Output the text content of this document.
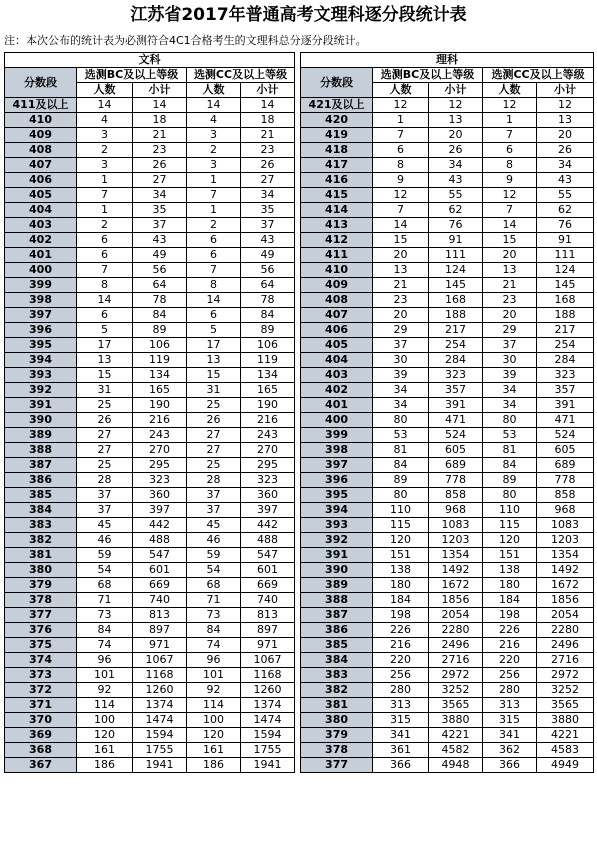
江苏省2017年普通高考文理科逐分段统计表
注：本次公布的统计表为必测符合4C1合格考生的文理科总分逐分段统计。
文科						理科				
分数段	选测BC及以上等级		选测CC及以上等级			分数段	选测BC及以上等级		选测CC及以上等级	
	人数	小计	人数	小计			人数	小计	人数	小计
411及以上	14	14	14	14		421及以上	12	12	12	12
410	4	18	4	18		420	1	13	1	13
409	3	21	3	21		419	7	20	7	20
408	2	23	2	23		418	6	26	6	26
407	3	26	3	26		417	8	34	8	34
406	1	27	1	27		416	9	43	9	43
405	7	34	7	34		415	12	55	12	55
404	1	35	1	35		414	7	62	7	62
403	2	37	2	37		413	14	76	14	76
402	6	43	6	43		412	15	91	15	91
401	6	49	6	49		411	20	111	20	111
400	7	56	7	56		410	13	124	13	124
399	8	64	8	64		409	21	145	21	145
398	14	78	14	78		408	23	168	23	168
397	6	84	6	84		407	20	188	20	188
396	5	89	5	89		406	29	217	29	217
395	17	106	17	106		405	37	254	37	254
394	13	119	13	119		404	30	284	30	284
393	15	134	15	134		403	39	323	39	323
392	31	165	31	165		402	34	357	34	357
391	25	190	25	190		401	34	391	34	391
390	26	216	26	216		400	80	471	80	471
389	27	243	27	243		399	53	524	53	524
388	27	270	27	270		398	81	605	81	605
387	25	295	25	295		397	84	689	84	689
386	28	323	28	323		396	89	778	89	778
385	37	360	37	360		395	80	858	80	858
384	37	397	37	397		394	110	968	110	968
383	45	442	45	442		393	115	1083	115	1083
382	46	488	46	488		392	120	1203	120	1203
381	59	547	59	547		391	151	1354	151	1354
380	54	601	54	601		390	138	1492	138	1492
379	68	669	68	669		389	180	1672	180	1672
378	71	740	71	740		388	184	1856	184	1856
377	73	813	73	813		387	198	2054	198	2054
376	84	897	84	897		386	226	2280	226	2280
375	74	971	74	971		385	216	2496	216	2496
374	96	1067	96	1067		384	220	2716	220	2716
373	101	1168	101	1168		383	256	2972	256	2972
372	92	1260	92	1260		382	280	3252	280	3252
371	114	1374	114	1374		381	313	3565	313	3565
370	100	1474	100	1474		380	315	3880	315	3880
369	120	1594	120	1594		379	341	4221	341	4221
368	161	1755	161	1755		378	361	4582	362	4583
367	186	1941	186	1941		377	366	4948	366	4949
